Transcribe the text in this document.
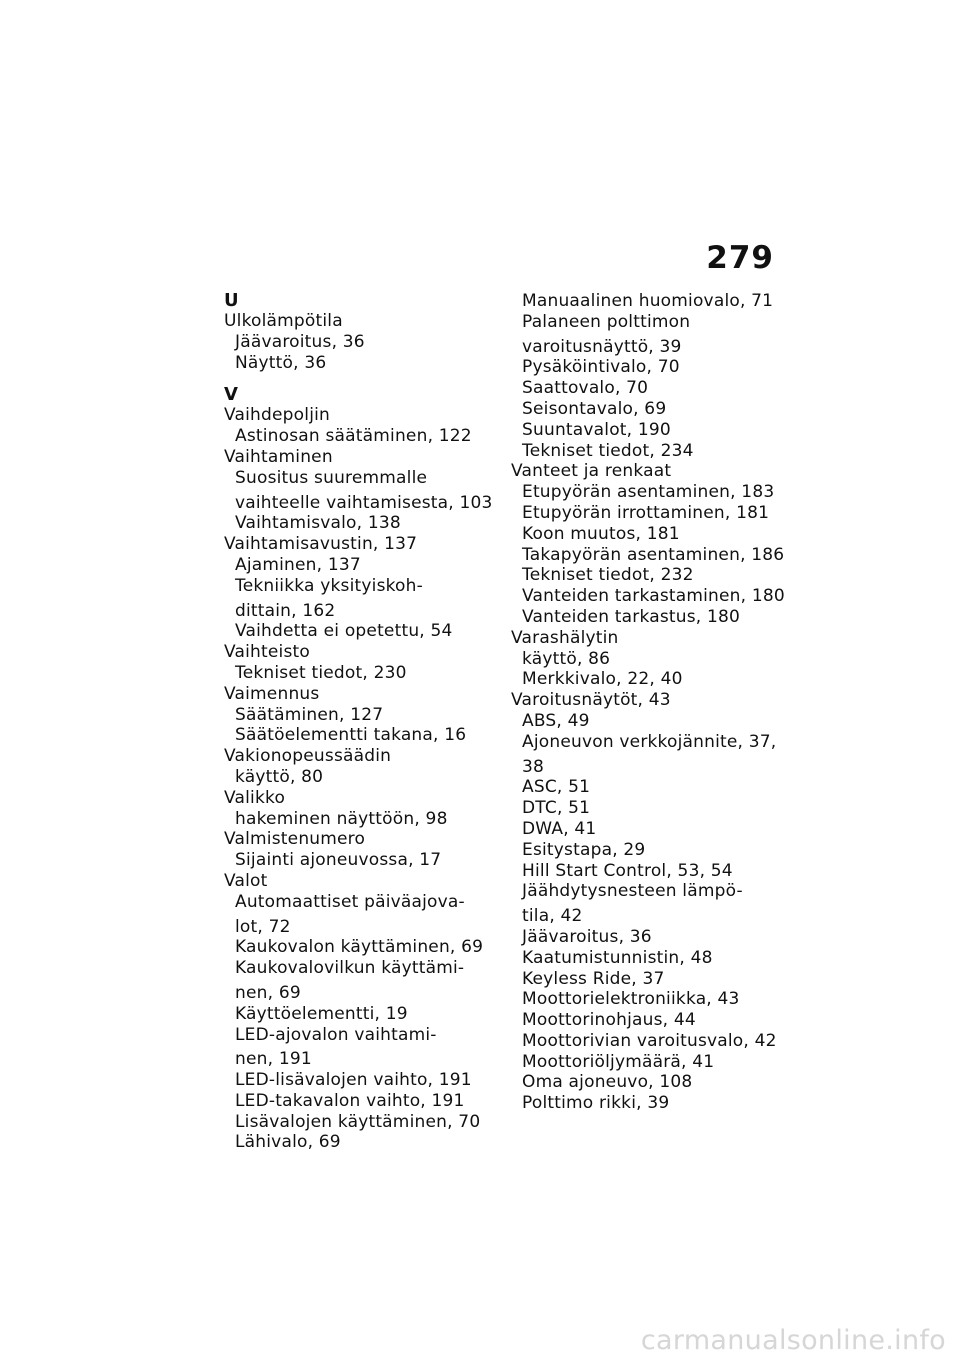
279
U
Ulkolämpötila
Jäävaroitus, 36
Näyttö, 36
V
Vaihdepoljin
Astinosan säätäminen, 122
Vaihtaminen
Suositus suuremmalle
vaihteelle vaihtamisesta, 103
Vaihtamisvalo, 138
Vaihtamisavustin, 137
Ajaminen, 137
Tekniikka yksityiskoh-
dittain, 162
Vaihdetta ei opetettu, 54
Vaihteisto
Tekniset tiedot, 230
Vaimennus
Säätäminen, 127
Säätöelementti takana, 16
Vakionopeussäädin
käyttö, 80
Valikko
hakeminen näyttöön, 98
Valmistenumero
Sijainti ajoneuvossa, 17
Valot
Automaattiset päiväajova-
lot, 72
Kaukovalon käyttäminen, 69
Kaukovalovilkun käyttämi-
nen, 69
Käyttöelementti, 19
LED-ajovalon vaihtami-
nen, 191
LED-lisävalojen vaihto, 191
LED-takavalon vaihto, 191
Lisävalojen käyttäminen, 70
Lähivalo, 69
Manuaalinen huomiovalo, 71
Palaneen polttimon
varoitusnäyttö, 39
Pysäköintivalo, 70
Saattovalo, 70
Seisontavalo, 69
Suuntavalot, 190
Tekniset tiedot, 234
Vanteet ja renkaat
Etupyörän asentaminen, 183
Etupyörän irrottaminen, 181
Koon muutos, 181
Takapyörän asentaminen, 186
Tekniset tiedot, 232
Vanteiden tarkastaminen, 180
Vanteiden tarkastus, 180
Varashälytin
käyttö, 86
Merkkivalo, 22, 40
Varoitusnäytöt, 43
ABS, 49
Ajoneuvon verkkojännite, 37,
38
ASC, 51
DTC, 51
DWA, 41
Esitystapa, 29
Hill Start Control, 53, 54
Jäähdytysnesteen lämpö-
tila, 42
Jäävaroitus, 36
Kaatumistunnistin, 48
Keyless Ride, 37
Moottorielektroniikka, 43
Moottorinohjaus, 44
Moottorivian varoitusvalo, 42
Moottoriöljymäärä, 41
Oma ajoneuvo, 108
Polttimo rikki, 39
carmanualsonline.info
